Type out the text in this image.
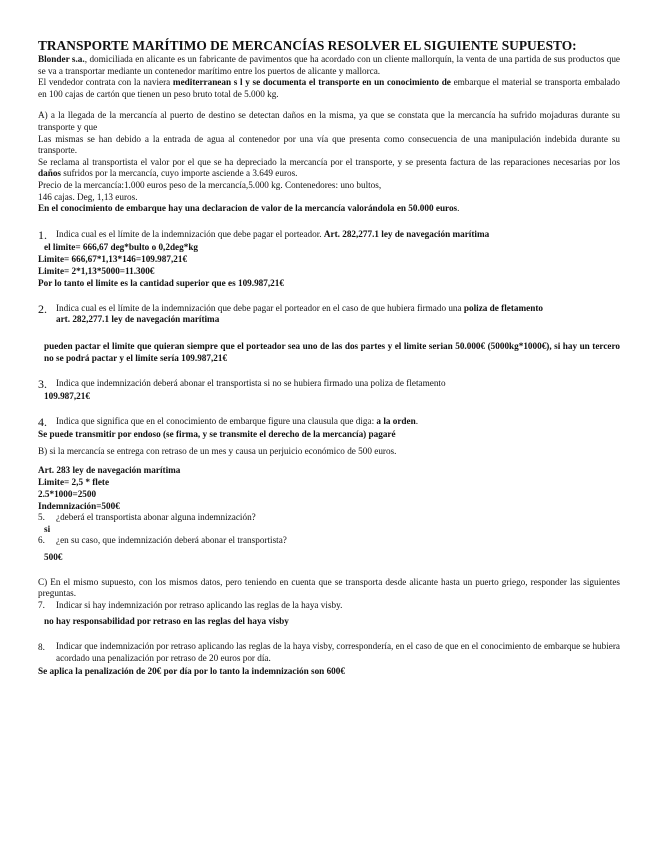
TRANSPORTE MARÍTIMO DE MERCANCÍAS RESOLVER EL SIGUIENTE SUPUESTO:

Blonder s.a., domiciliada en alicante es un fabricante de pavimentos que ha acordado con un cliente mallorquín, la venta de una partida de sus productos que se va a transportar mediante un contenedor marítimo entre los puertos de alicante y mallorca.

El vendedor contrata con la naviera mediterranean s l y se documenta el transporte en un conocimiento de embarque el material se transporta embalado en 100 cajas de cartón que tienen un peso bruto total de 5.000 kg.

A) a la llegada de la mercancía al puerto de destino se detectan daños en la misma, ya que se constata que la mercancía ha sufrido mojaduras durante su transporte y que

Las mismas se han debido a la entrada de agua al contenedor por una vía que presenta como consecuencia de una manipulación indebida durante su transporte.

Se reclama al transportista el valor por el que se ha depreciado la mercancía por el transporte, y se presenta factura de las reparaciones necesarias por los daños sufridos por la mercancía, cuyo importe asciende a 3.649 euros.

Precio de la mercancía:1.000 euros peso de la mercancía,5.000 kg. Contenedores: uno bultos,

146 cajas. Deg, 1,13 euros.

En el conocimiento de embarque hay una declaracion de valor de la mercancía valorándola en 50.000 euros.

1. Indica cual es el límite de la indemnización que debe pagar el porteador. Art. 282,277.1 ley de navegación marítima
el limite= 666,67 deg*bulto o 0,2deg*kg
Limite= 666,67*1,13*146=109.987,21€
Limite= 2*1,13*5000=11.300€
Por lo tanto el limite es la cantidad superior que es 109.987,21€
2. Indica cual es el límite de la indemnización que debe pagar el porteador en el caso de que hubiera firmado una poliza de fletamento
art. 282,277.1 ley de navegación marítima

pueden pactar el limite que quieran siempre que el porteador sea uno de las dos partes y el limite serian 50.000€ (5000kg*1000€), si hay un tercero no se podrá pactar y el limite sería 109.987,21€

3. Indica que indemnización deberá abonar el transportista si no se hubiera firmado una poliza de fletamento
109.987,21€
4. Indica que significa que en el conocimiento de embarque figure una clausula que diga: a la orden.
Se puede transmitir por endoso (se firma, y se transmite el derecho de la mercancía) pagaré

B) si la mercancía se entrega con retraso de un mes y causa un perjuicio económico de 500 euros.

Art. 283 ley de navegación marítima
Limite= 2,5 * flete
2.5*1000=2500
Indemnización=500€
5.	¿deberá el transportista abonar alguna indemnización?
si
6.	¿en su caso, que indemnización deberá abonar el transportista?
500€

C) En el mismo supuesto, con los mismos datos, pero teniendo en cuenta que se transporta desde alicante hasta un puerto griego, responder las siguientes preguntas.

7.	Indicar si hay indemnización por retraso aplicando las reglas de la haya visby.
no hay responsabilidad por retraso en las reglas del haya visby
8.	Indicar que indemnización por retraso aplicando las reglas de la haya visby, correspondería, en el caso de que en el conocimiento de embarque se hubiera acordado una penalización por retraso de 20 euros por día.
Se aplica la penalización de 20€ por día por lo tanto la indemnización son 600€
